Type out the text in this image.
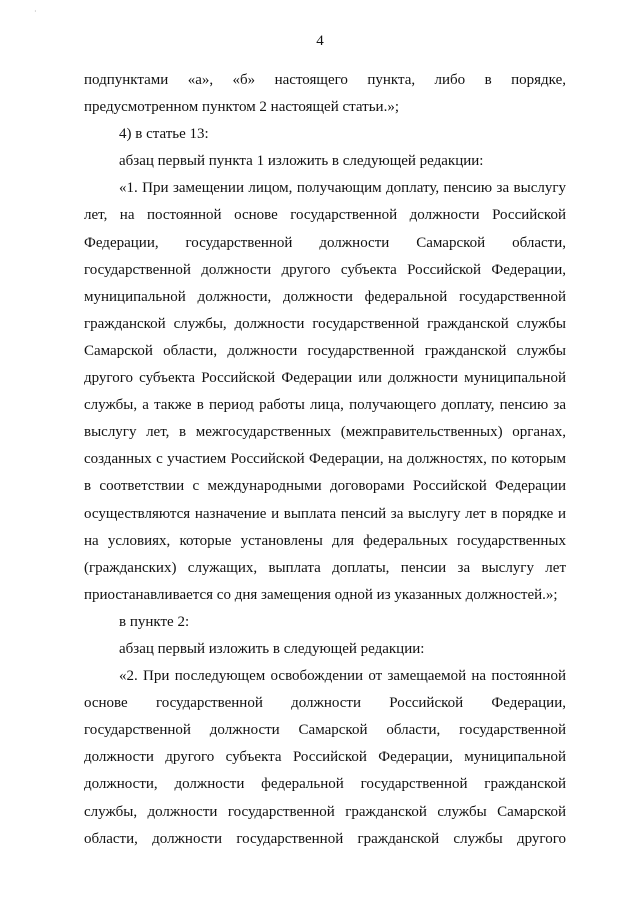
·
4

подпунктами «а», «б» настоящего пункта, либо в порядке, предусмотренном пунктом 2 настоящей статьи.»;

4) в статье 13:

абзац первый пункта 1 изложить в следующей редакции:

«1. При замещении лицом, получающим доплату, пенсию за выслугу лет, на постоянной основе государственной должности Российской Федерации, государственной должности Самарской области, государственной должности другого субъекта Российской Федерации, муниципальной должности, должности федеральной государственной гражданской службы, должности государственной гражданской службы Самарской области, должности государственной гражданской службы другого субъекта Российской Федерации или должности муниципальной службы, а также в период работы лица, получающего доплату, пенсию за выслугу лет, в межгосударственных (межправительственных) органах, созданных с участием Российской Федерации, на должностях, по которым в соответствии с международными договорами Российской Федерации осуществляются назначение и выплата пенсий за выслугу лет в порядке и на условиях, которые установлены для федеральных государственных (гражданских) служащих, выплата доплаты, пенсии за выслугу лет приостанавливается со дня замещения одной из указанных должностей.»;

в пункте 2:

абзац первый изложить в следующей редакции:

«2. При последующем освобождении от замещаемой на постоянной основе государственной должности Российской Федерации, государственной должности Самарской области, государственной должности другого субъекта Российской Федерации, муниципальной должности, должности федеральной государственной гражданской службы, должности государственной гражданской службы Самарской области, должности государственной гражданской службы другого
